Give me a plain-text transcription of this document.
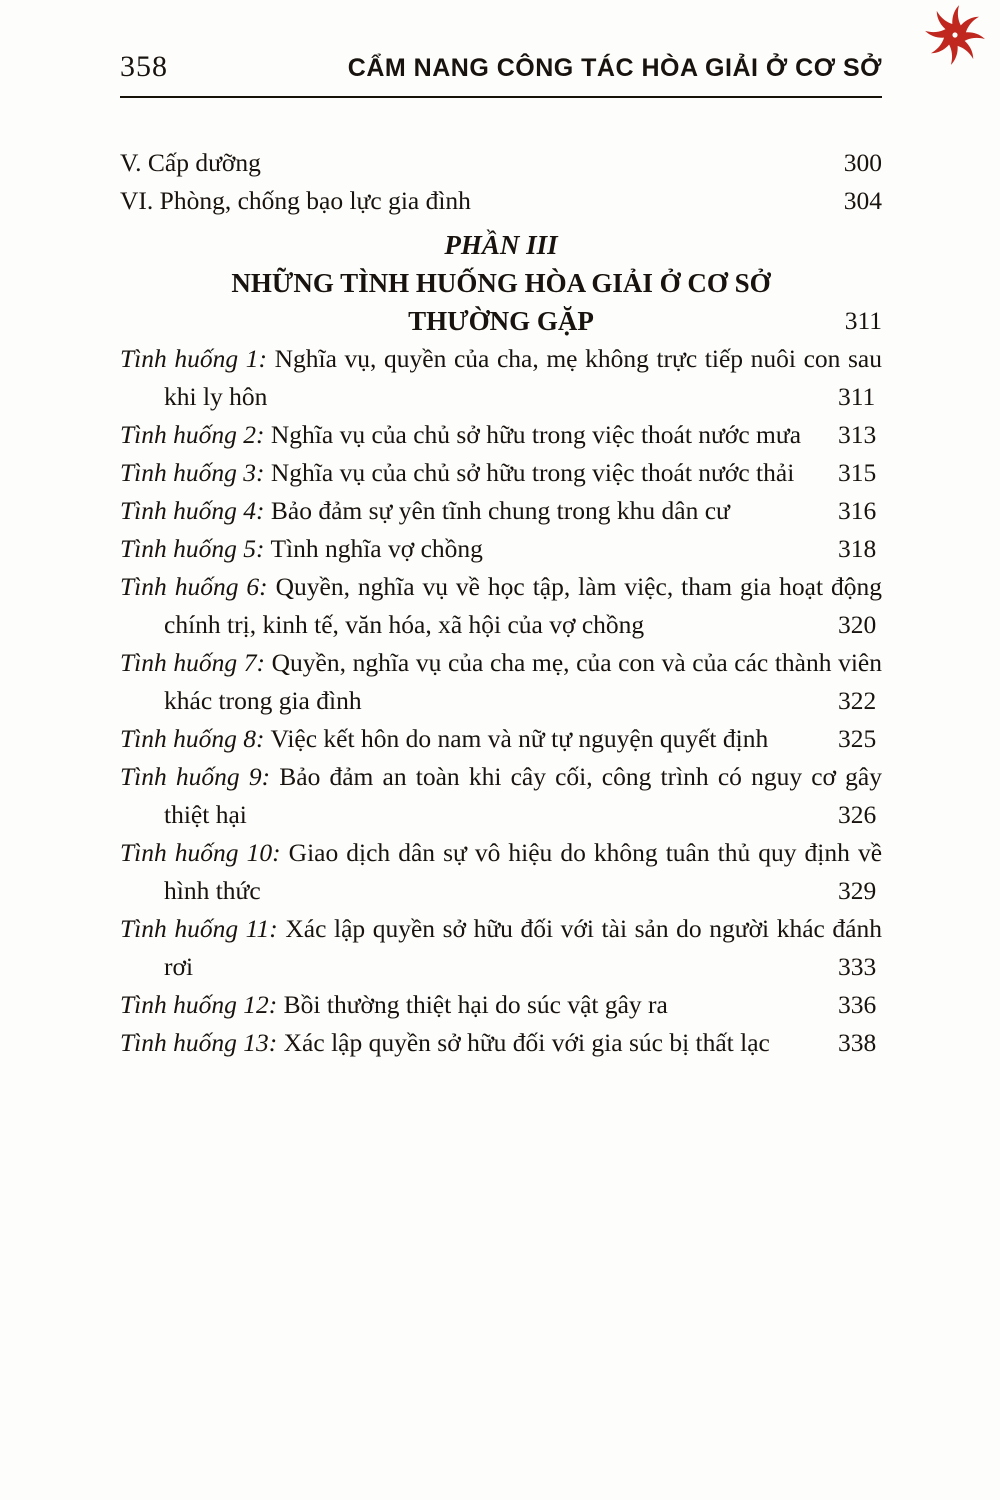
358	CẨM NANG CÔNG TÁC HÒA GIẢI Ở CƠ SỞ
V. Cấp dưỡng	300
VI. Phòng, chống bạo lực gia đình	304
PHẦN III
NHỮNG TÌNH HUỐNG HÒA GIẢI Ở CƠ SỞ
THƯỜNG GẶP	311
Tình huống 1: Nghĩa vụ, quyền của cha, mẹ không trực tiếp nuôi con sau khi ly hôn	311
Tình huống 2: Nghĩa vụ của chủ sở hữu trong việc thoát nước mưa 313
Tình huống 3: Nghĩa vụ của chủ sở hữu trong việc thoát nước thải 315
Tình huống 4: Bảo đảm sự yên tĩnh chung trong khu dân cư	316
Tình huống 5: Tình nghĩa vợ chồng	318
Tình huống 6: Quyền, nghĩa vụ về học tập, làm việc, tham gia hoạt động chính trị, kinh tế, văn hóa, xã hội của vợ chồng	320
Tình huống 7: Quyền, nghĩa vụ của cha mẹ, của con và của các thành viên khác trong gia đình	322
Tình huống 8: Việc kết hôn do nam và nữ tự nguyện quyết định	325
Tình huống 9: Bảo đảm an toàn khi cây cối, công trình có nguy cơ gây thiệt hại	326
Tình huống 10: Giao dịch dân sự vô hiệu do không tuân thủ quy định về hình thức	329
Tình huống 11: Xác lập quyền sở hữu đối với tài sản do người khác đánh rơi	333
Tình huống 12: Bồi thường thiệt hại do súc vật gây ra	336
Tình huống 13: Xác lập quyền sở hữu đối với gia súc bị thất lạc	338
